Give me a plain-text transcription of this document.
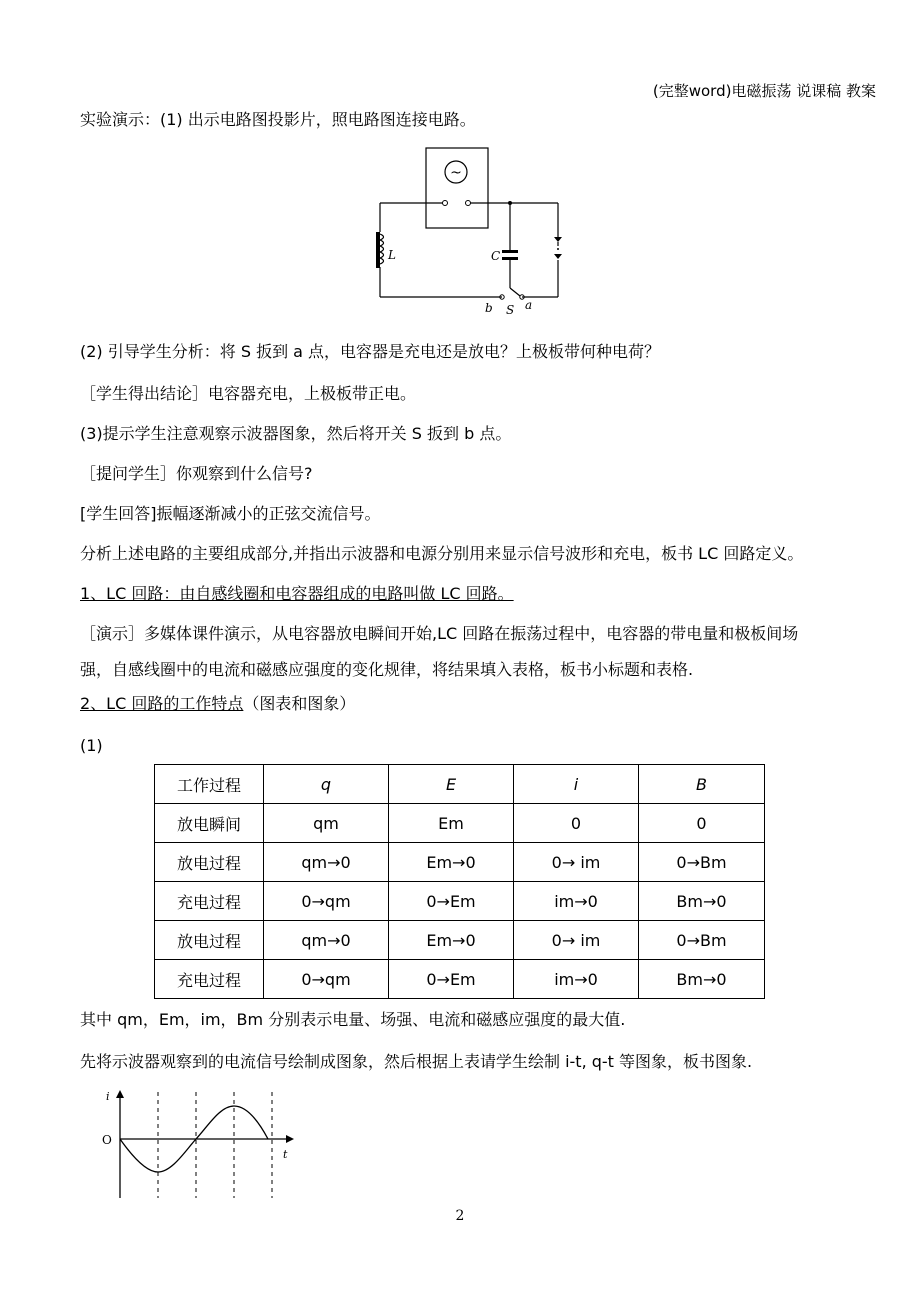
(完整word)电磁振荡 说课稿 教案
实验演示：(1) 出示电路图投影片，照电路图连接电路。
~
L	C
b S a
(2) 引导学生分析：将 S 扳到 a 点，电容器是充电还是放电？上极板带何种电荷？
［学生得出结论］电容器充电，上极板带正电。
(3)提示学生注意观察示波器图象，然后将开关 S 扳到 b 点。
［提问学生］你观察到什么信号?
[学生回答]振幅逐渐减小的正弦交流信号。
分析上述电路的主要组成部分,并指出示波器和电源分别用来显示信号波形和充电，板书 LC 回路定义。
1、LC 回路：由自感线圈和电容器组成的电路叫做 LC 回路。
［演示］多媒体课件演示，从电容器放电瞬间开始,LC 回路在振荡过程中，电容器的带电量和极板间场
强，自感线圈中的电流和磁感应强度的变化规律，将结果填入表格，板书小标题和表格.
2、LC 回路的工作特点（图表和图象）
(1)
工作过程	q	E	i	B
放电瞬间	qm	Em	0	0
放电过程	qm→0	Em→0	0→ im	0→Bm
充电过程	0→qm	0→Em	im→0	Bm→0
放电过程	qm→0	Em→0	0→ im	0→Bm
充电过程	0→qm	0→Em	im→0	Bm→0
其中 qm，Em，im，Bm 分别表示电量、场强、电流和磁感应强度的最大值.
先将示波器观察到的电流信号绘制成图象，然后根据上表请学生绘制 i-t, q-t 等图象，板书图象.
i
O
t
2
